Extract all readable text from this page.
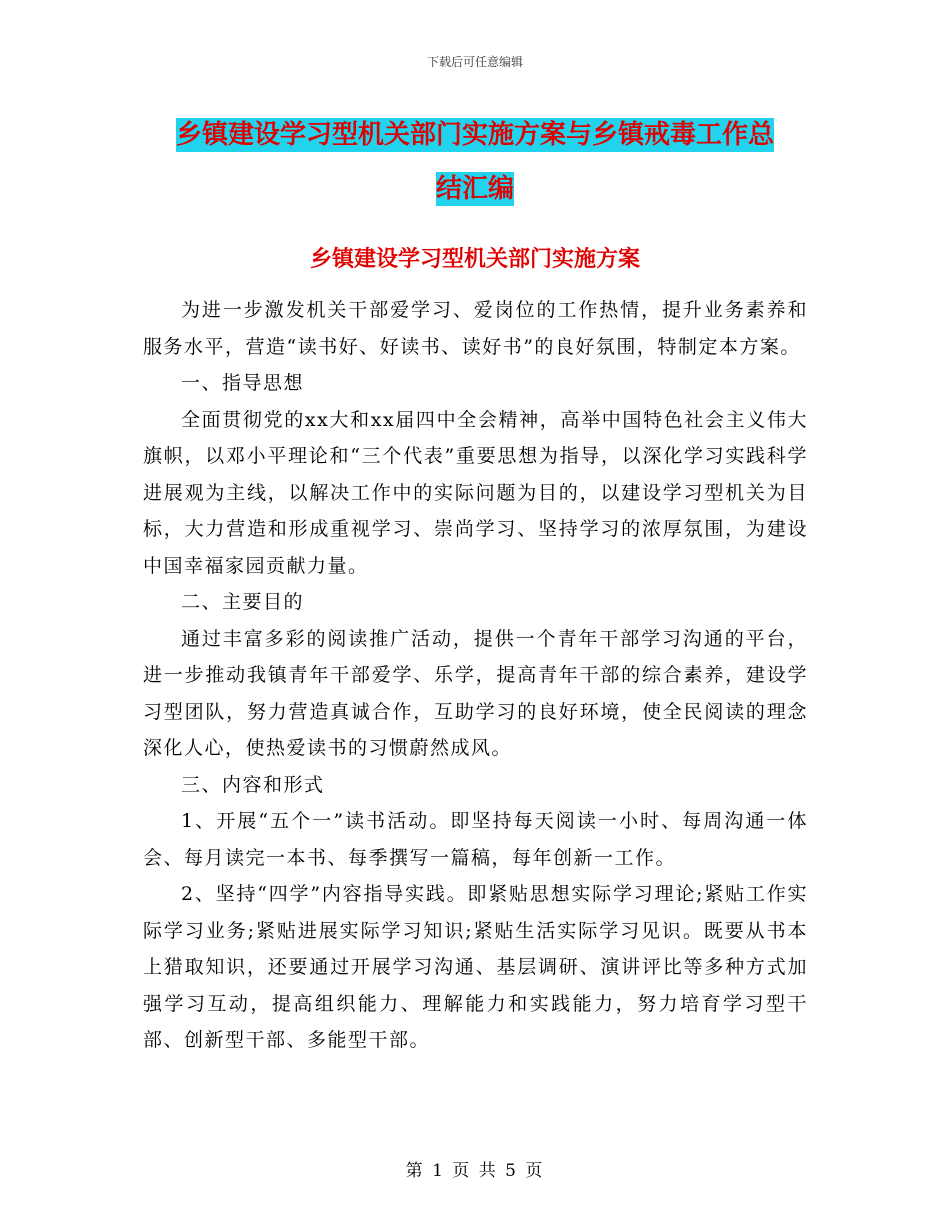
下载后可任意编辑
乡镇建设学习型机关部门实施方案与乡镇戒毒工作总
结汇编
乡镇建设学习型机关部门实施方案

为进一步激发机关干部爱学习、爱岗位的工作热情，提升业务素养和服务水平，营造“读书好、好读书、读好书”的良好氛围，特制定本方案。

一、指导思想

全面贯彻党的xx大和xx届四中全会精神，高举中国特色社会主义伟大旗帜，以邓小平理论和“三个代表”重要思想为指导，以深化学习实践科学进展观为主线，以解决工作中的实际问题为目的，以建设学习型机关为目标，大力营造和形成重视学习、崇尚学习、坚持学习的浓厚氛围，为建设中国幸福家园贡献力量。

二、主要目的

通过丰富多彩的阅读推广活动，提供一个青年干部学习沟通的平台，进一步推动我镇青年干部爱学、乐学，提高青年干部的综合素养，建设学习型团队，努力营造真诚合作，互助学习的良好环境，使全民阅读的理念深化人心，使热爱读书的习惯蔚然成风。

三、内容和形式

1、开展“五个一”读书活动。即坚持每天阅读一小时、每周沟通一体会、每月读完一本书、每季撰写一篇稿，每年创新一工作。

2、坚持“四学”内容指导实践。即紧贴思想实际学习理论;紧贴工作实际学习业务;紧贴进展实际学习知识;紧贴生活实际学习见识。既要从书本上猎取知识，还要通过开展学习沟通、基层调研、演讲评比等多种方式加强学习互动，提高组织能力、理解能力和实践能力，努力培育学习型干部、创新型干部、多能型干部。

第 1 页 共 5 页
